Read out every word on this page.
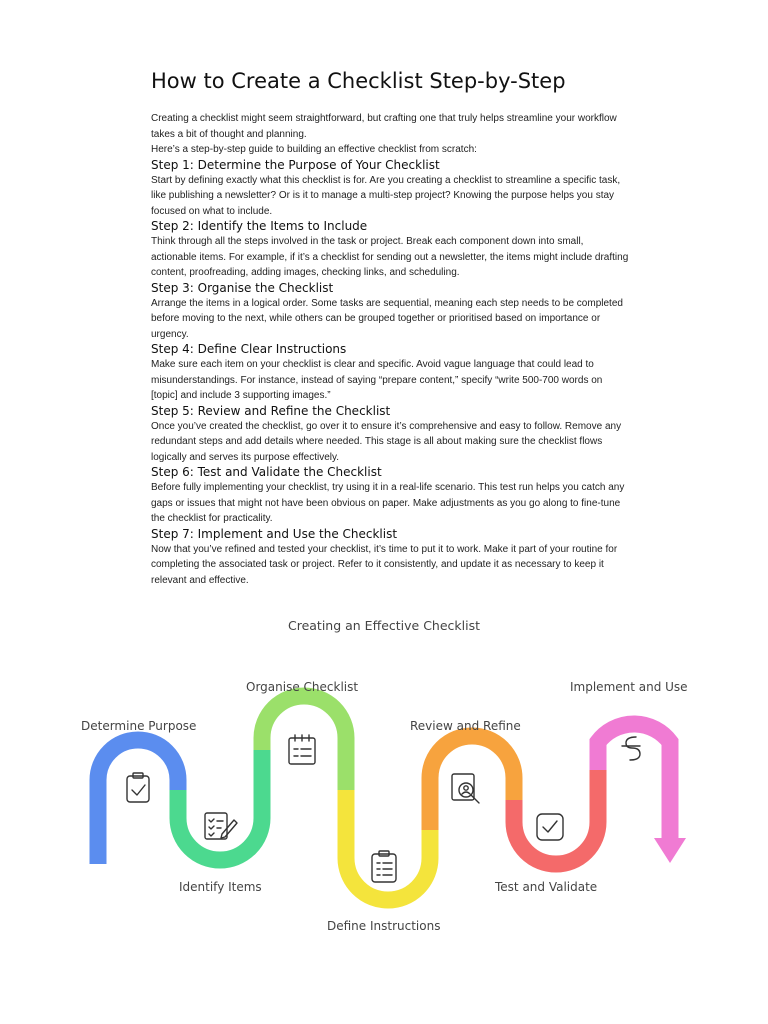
How to Create a Checklist Step-by-Step

Creating a checklist might seem straightforward, but crafting one that truly helps streamline your workflow takes a bit of thought and planning.

Here’s a step-by-step guide to building an effective checklist from scratch:

Step 1: Determine the Purpose of Your Checklist

Start by defining exactly what this checklist is for. Are you creating a checklist to streamline a specific task, like publishing a newsletter? Or is it to manage a multi-step project? Knowing the purpose helps you stay focused on what to include.

Step 2: Identify the Items to Include

Think through all the steps involved in the task or project. Break each component down into small, actionable items. For example, if it’s a checklist for sending out a newsletter, the items might include drafting content, proofreading, adding images, checking links, and scheduling.

Step 3: Organise the Checklist

Arrange the items in a logical order. Some tasks are sequential, meaning each step needs to be completed before moving to the next, while others can be grouped together or prioritised based on importance or urgency.

Step 4: Define Clear Instructions

Make sure each item on your checklist is clear and specific. Avoid vague language that could lead to misunderstandings. For instance, instead of saying “prepare content,” specify “write 500-700 words on [topic] and include 3 supporting images.”

Step 5: Review and Refine the Checklist

Once you’ve created the checklist, go over it to ensure it’s comprehensive and easy to follow. Remove any redundant steps and add details where needed. This stage is all about making sure the checklist flows logically and serves its purpose effectively.

Step 6: Test and Validate the Checklist

Before fully implementing your checklist, try using it in a real-life scenario. This test run helps you catch any gaps or issues that might not have been obvious on paper. Make adjustments as you go along to fine-tune the checklist for practicality.

Step 7: Implement and Use the Checklist

Now that you’ve refined and tested your checklist, it’s time to put it to work. Make it part of your routine for completing the associated task or project. Refer to it consistently, and update it as necessary to keep it relevant and effective.

Creating an Effective Checklist
Determine Purpose
Identify Items
Organise Checklist
Define Instructions
Review and Refine
Test and Validate
Implement and Use
